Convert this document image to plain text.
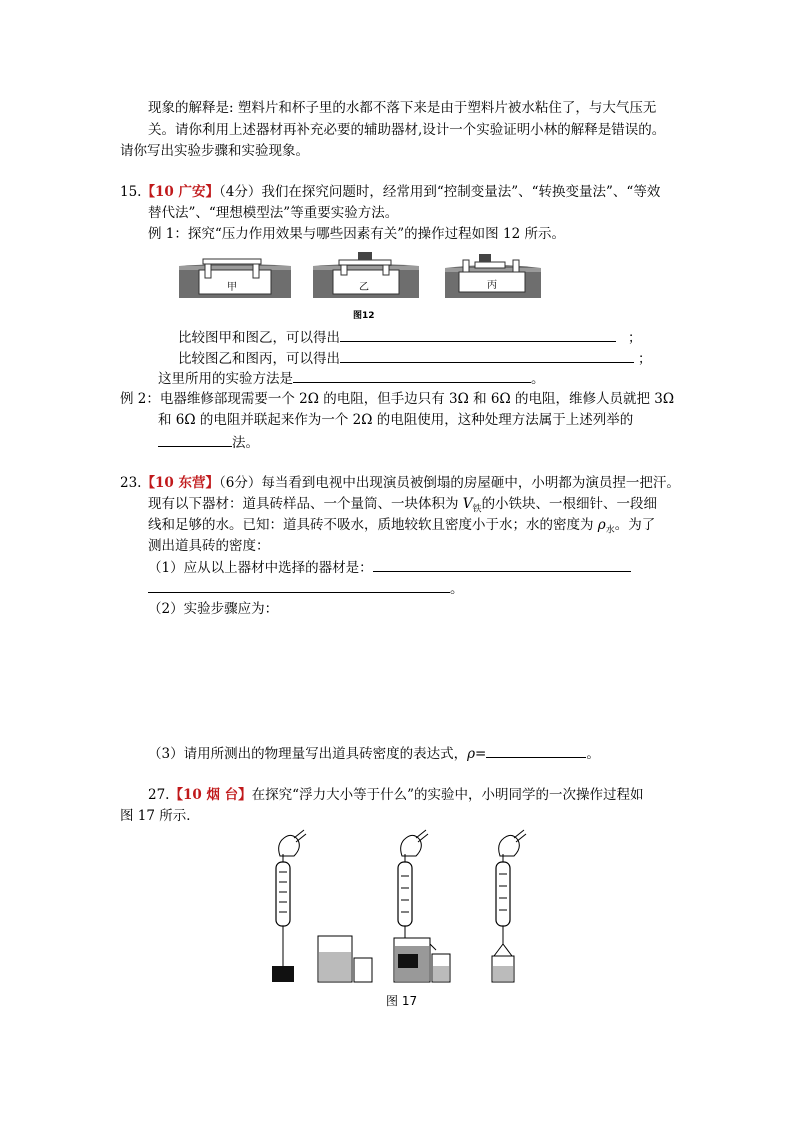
现象的解释是: 塑料片和杯子里的水都不落下来是由于塑料片被水粘住了，与大气压无
关。请你利用上述器材再补充必要的辅助器材,设计一个实验证明小林的解释是错误的。
请你写出实验步骤和实验现象。
15.【10 广安】（4分）我们在探究问题时，经常用到“控制变量法”、“转换变量法”、“等效
替代法”、“理想模型法”等重要实验方法。
例 1：探究“压力作用效果与哪些因素有关”的操作过程如图 12 所示。
甲	乙	丙
图12
比较图甲和图乙，可以得出	；
比较图乙和图丙，可以得出	；
这里所用的实验方法是	。
例 2：电器维修部现需要一个 2Ω 的电阻，但手边只有 3Ω 和 6Ω 的电阻，维修人员就把 3Ω
和 6Ω 的电阻并联起来作为一个 2Ω 的电阻使用，这种处理方法属于上述列举的
法。
23.【10 东营】（6分）每当看到电视中出现演员被倒塌的房屋砸中，小明都为演员捏一把汗。
现有以下器材：道具砖样品、一个量筒、一块体积为 $V_铁$的小铁块、一根细针、一段细
线和足够的水。已知：道具砖不吸水，质地较软且密度小于水；水的密度为 $\rho_水$。为了
测出道具砖的密度：
（1）应从以上器材中选择的器材是：
。
（2）实验步骤应为：
（3）请用所测出的物理量写出道具砖密度的表达式，ρ=	。
27.【10 烟 台】在探究“浮力大小等于什么”的实验中，小明同学的一次操作过程如
图 17 所示．
图 17
